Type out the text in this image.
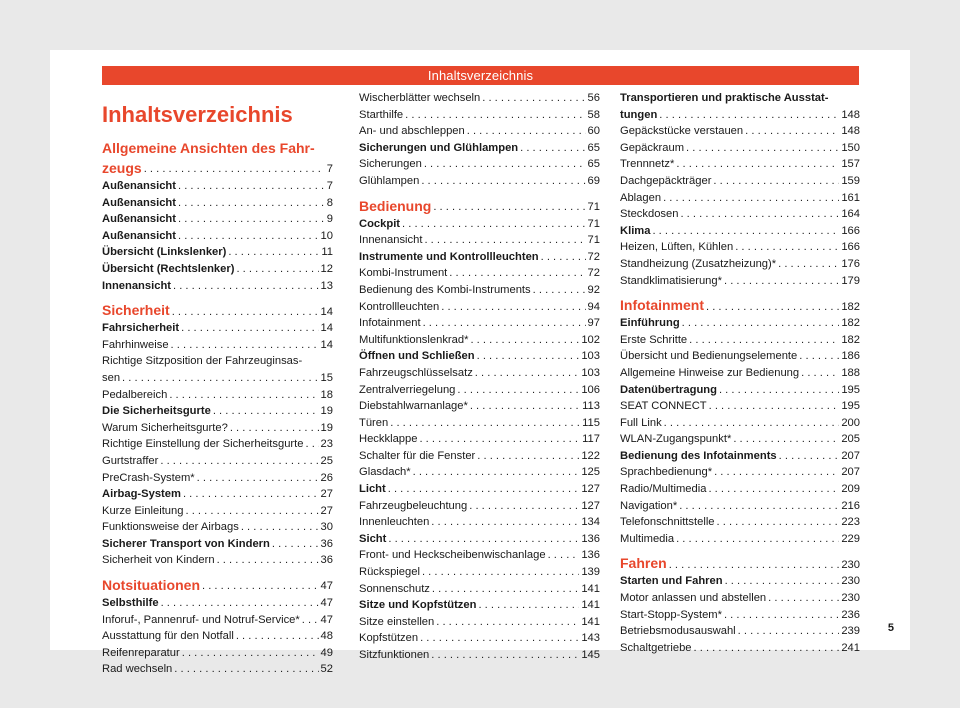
Inhaltsverzeichnis
Inhaltsverzeichnis
Allgemeine Ansichten des Fahr-
zeugs . . .	7
Außenansicht . . .	7
Außenansicht . . .	8
Außenansicht . . .	9
Außenansicht . . .	10
Übersicht (Linkslenker) . . .	11
Übersicht (Rechtslenker) . . .	12
Innenansicht . . .	13
Sicherheit . . .	14
Fahrsicherheit . . .	14
Fahrhinweise . . .	14
Richtige Sitzposition der Fahrzeuginsas-
sen . . .	15
Pedalbereich . . .	18
Die Sicherheitsgurte . . .	19
Warum Sicherheitsgurte? . . .	19
Richtige Einstellung der Sicherheitsgurte . . . 23
Gurtstraffer . . .	25
PreCrash-System* . . .	26
Airbag-System . . .	27
Kurze Einleitung . . .	27
Funktionsweise der Airbags . . .	30
Sicherer Transport von Kindern . . .	36
Sicherheit von Kindern . . .	36
Notsituationen . . .	47
Selbsthilfe . . .	47
Inforuf-, Pannenruf- und Notruf-Service* . . . 47
Ausstattung für den Notfall . . .	48
Reifenreparatur . . .	49
Rad wechseln . . .	52
Wischerblätter wechseln . . .	56
Starthilfe . . .	58
An- und abschleppen . . .	60
Sicherungen und Glühlampen . . .	65
Sicherungen . . .	65
Glühlampen . . .	69
Bedienung . . .	71
Cockpit . . .	71
Innenansicht . . .	71
Instrumente und Kontrollleuchten . . .	72
Kombi-Instrument . . .	72
Bedienung des Kombi-Instruments . . .	92
Kontrollleuchten . . .	94
Infotainment . . .	97
Multifunktionslenkrad* . . .	102
Öffnen und Schließen . . .	103
Fahrzeugschlüsselsatz . . .	103
Zentralverriegelung . . .	106
Diebstahlwarnanlage* . . .	113
Türen . . .	115
Heckklappe . . .	117
Schalter für die Fenster . . .	122
Glasdach* . . .	125
Licht . . .	127
Fahrzeugbeleuchtung . . .	127
Innenleuchten . . .	134
Sicht . . .	136
Front- und Heckscheibenwischanlage . . .	136
Rückspiegel . . .	139
Sonnenschutz . . .	141
Sitze und Kopfstützen . . .	141
Sitze einstellen . . .	141
Kopfstützen . . .	143
Sitzfunktionen . . .	145
Transportieren und praktische Ausstat-
tungen . . .	148
Gepäckstücke verstauen . . .	148
Gepäckraum . . .	150
Trennnetz* . . .	157
Dachgepäckträger . . .	159
Ablagen . . .	161
Steckdosen . . .	164
Klima . . .	166
Heizen, Lüften, Kühlen . . .	166
Standheizung (Zusatzheizung)* . . .	176
Standklimatisierung* . . .	179
Infotainment . . .	182
Einführung . . .	182
Erste Schritte . . .	182
Übersicht und Bedienungselemente . . .	186
Allgemeine Hinweise zur Bedienung . . .	188
Datenübertragung . . .	195
SEAT CONNECT . . .	195
Full Link . . .	200
WLAN-Zugangspunkt* . . .	205
Bedienung des Infotainments . . .	207
Sprachbedienung* . . .	207
Radio/Multimedia . . .	209
Navigation* . . .	216
Telefonschnittstelle . . .	223
Multimedia . . .	229
Fahren . . .	230
Starten und Fahren . . .	230
Motor anlassen und abstellen . . .	230
Start-Stopp-System* . . .	236
Betriebsmodusauswahl . . .	239
Schaltgetriebe . . .	241
5
